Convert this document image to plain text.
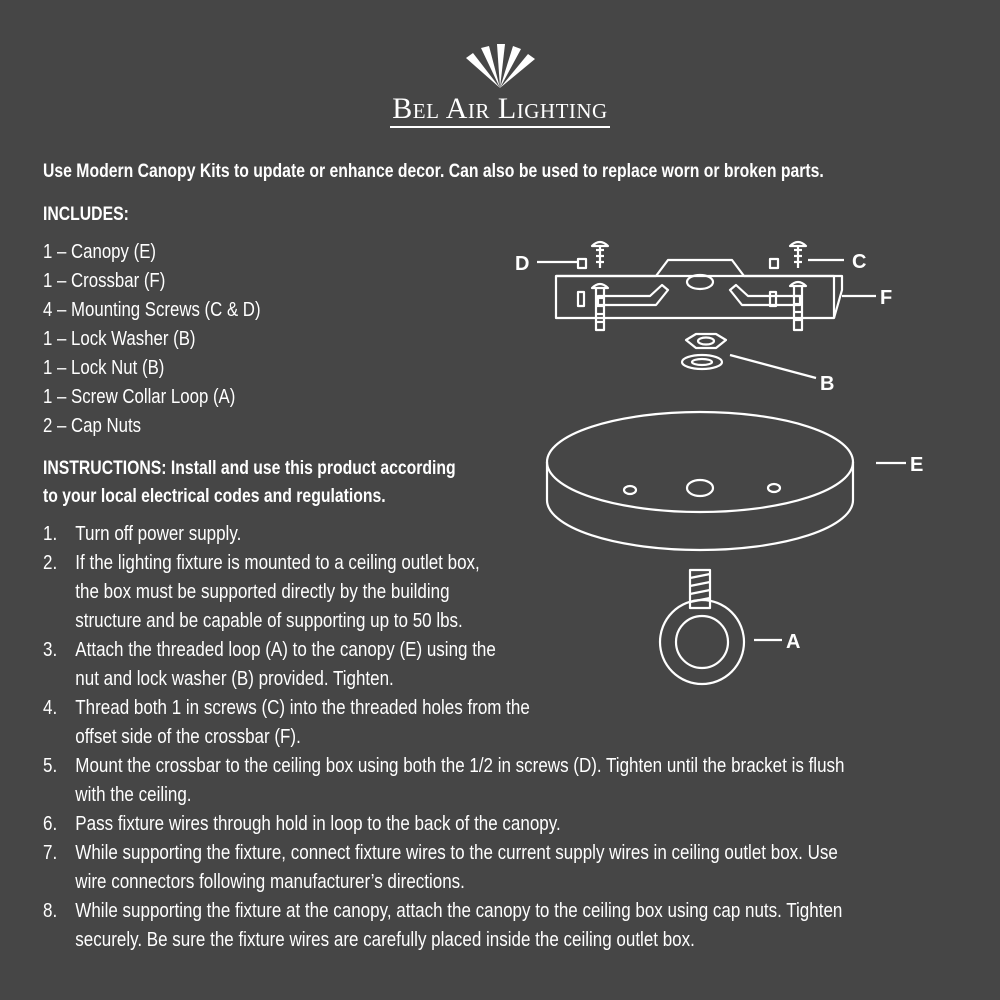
Bel Air Lighting
Use Modern Canopy Kits to update or enhance decor. Can also be used to replace worn or broken parts.
INCLUDES:
1 – Canopy (E)
1 – Crossbar (F)
4 – Mounting Screws (C & D)
1 – Lock Washer (B)
1 – Lock Nut (B)
1 – Screw Collar Loop (A)
2 – Cap Nuts
INSTRUCTIONS: Install and use this product according
to your local electrical codes and regulations.
1. Turn off power supply.
2. If the lighting fixture is mounted to a ceiling outlet box,
the box must be supported directly by the building
structure and be capable of supporting up to 50 lbs.
3. Attach the threaded loop (A) to the canopy (E) using the
nut and lock washer (B) provided. Tighten.
4. Thread both 1 in screws (C) into the threaded holes from the
offset side of the crossbar (F).
5. Mount the crossbar to the ceiling box using both the 1/2 in screws (D). Tighten until the bracket is flush
with the ceiling.
6. Pass fixture wires through hold in loop to the back of the canopy.
7. While supporting the fixture, connect fixture wires to the current supply wires in ceiling outlet box. Use
wire connectors following manufacturer’s directions.
8. While supporting the fixture at the canopy, attach the canopy to the ceiling box using cap nuts. Tighten
securely. Be sure the fixture wires are carefully placed inside the ceiling outlet box.
D	C
F
B
E
A
